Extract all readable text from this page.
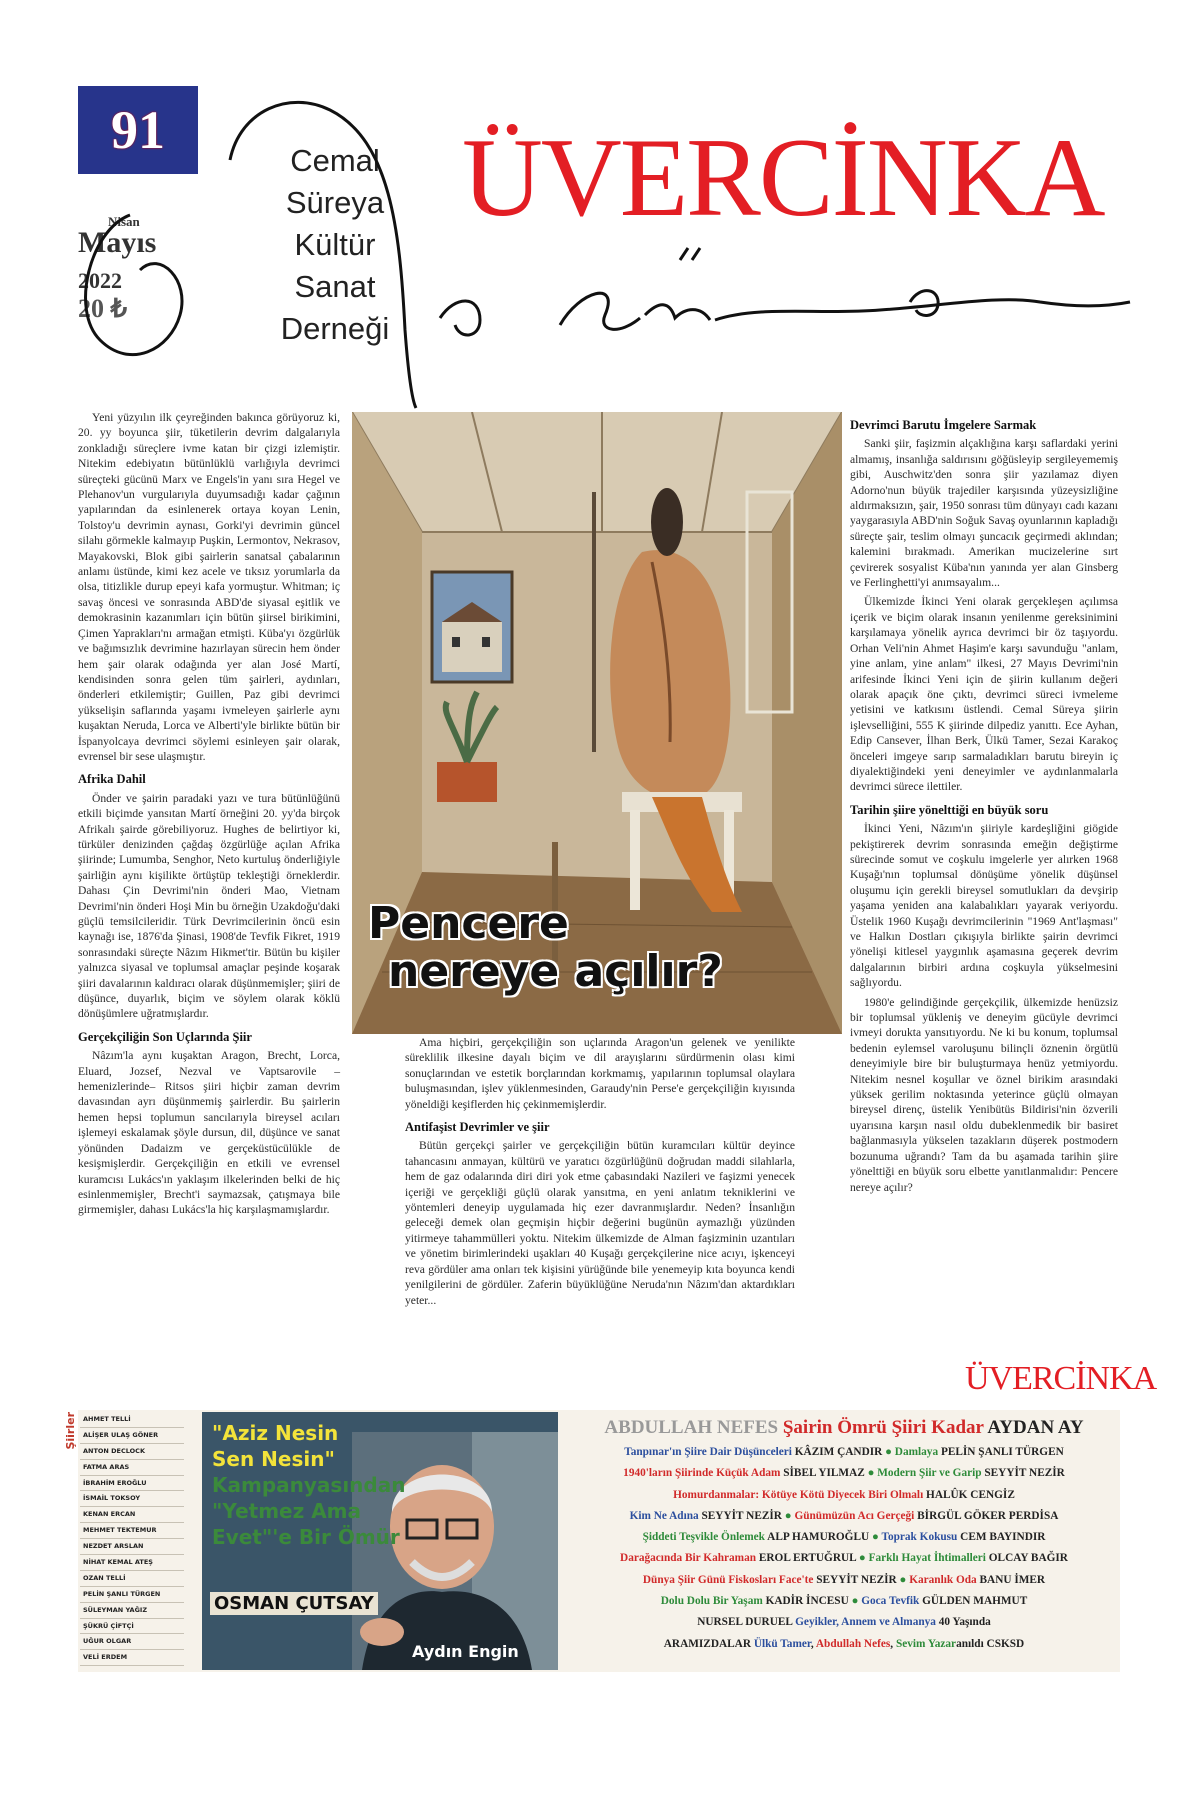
91
Nisan
Mayıs
2022
20 ₺
Cemal
Süreya
Kültür
Sanat
Derneği
ÜVERCİNKA

Yeni yüzyılın ilk çeyreğinden bakınca görüyoruz ki, 20. yy boyunca şiir, tüketilerin devrim dalgalarıyla zonkladığı süreçlere ivme katan bir çizgi izlemiştir. Nitekim edebiyatın bütünlüklü varlığıyla devrimci süreçteki gücünü Marx ve Engels'in yanı sıra Hegel ve Plehanov'un vurgularıyla duyumsadığı kadar çağının yapılarından da esinlenerek ortaya koyan Lenin, Tolstoy'u devrimin aynası, Gorki'yi devrimin güncel silahı görmekle kalmayıp Puşkin, Lermontov, Nekrasov, Mayakovski, Blok gibi şairlerin sanatsal çabalarının anlamı üstünde, kimi kez acele ve tıksız yorumlarla da olsa, titizlikle durup epeyi kafa yormuştur. Whitman; iç savaş öncesi ve sonrasında ABD'de siyasal eşitlik ve demokrasinin kazanımları için bütün şiirsel birikimini, Çimen Yaprakları'nı armağan etmişti. Küba'yı özgürlük ve bağımsızlık devrimine hazırlayan sürecin hem önder hem şair olarak odağında yer alan José Martí, kendisinden sonra gelen tüm şairleri, aydınları, önderleri etkilemiştir; Guillen, Paz gibi devrimci yükselişin saflarında yaşamı ivmeleyen şairlerle aynı kuşaktan Neruda, Lorca ve Alberti'yle birlikte bütün bir İspanyolcaya devrimci söylemi esinleyen şair olarak, evrensel bir sese ulaşmıştır.

Afrika Dahil

Önder ve şairin paradaki yazı ve tura bütünlüğünü etkili biçimde yansıtan Martí örneğini 20. yy'da birçok Afrikalı şairde görebiliyoruz. Hughes de belirtiyor ki, türküler denizinden çağdaş özgürlüğe açılan Afrika şiirinde; Lumumba, Senghor, Neto kurtuluş önderliğiyle şairliğin aynı kişilikte örtüştüp tekleştiği örneklerdir. Dahası Çin Devrimi'nin önderi Mao, Vietnam Devrimi'nin önderi Hoşi Min bu örneğin Uzakdoğu'daki güçlü temsilcileridir. Türk Devrimcilerinin öncü esin kaynağı ise, 1876'da Şinasi, 1908'de Tevfik Fikret, 1919 sonrasındaki süreçte Nâzım Hikmet'tir. Bütün bu kişiler yalnızca siyasal ve toplumsal amaçlar peşinde koşarak şiiri davalarının kaldıracı olarak düşünmemişler; şiiri de düşünce, duyarlık, biçim ve söylem olarak köklü dönüşümlere uğratmışlardır.

Gerçekçiliğin Son Uçlarında Şiir

Nâzım'la aynı kuşaktan Aragon, Brecht, Lorca, Eluard, Jozsef, Nezval ve Vaptsarovile –hemenizlerinde– Ritsos şiiri hiçbir zaman devrim davasından ayrı düşünmemiş şairlerdir. Bu şairlerin hemen hepsi toplumun sancılarıyla bireysel acıları işlemeyi eskalamak şöyle dursun, dil, düşünce ve sanat yönünden Dadaizm ve gerçeküstücülükle de kesişmişlerdir. Gerçekçiliğin en etkili ve evrensel kuramcısı Lukács'ın yaklaşım ilkelerinden belki de hiç esinlenmemişler, Brecht'i saymazsak, çatışmaya bile girmemişler, dahası Lukács'la hiç karşılaşmamışlardır.

Pencere
nereye açılır?

Ama hiçbiri, gerçekçiliğin son uçlarında Aragon'un gelenek ve yenilikte süreklilik ilkesine dayalı biçim ve dil arayışlarını sürdürmenin olası kimi sonuçlarından ve estetik borçlarından korkmamış, yapılarının toplumsal olaylara buluşmasından, işlev yüklenmesinden, Garaudy'nin Perse'e gerçekçiliğin kıyısında yöneldiği keşiflerden hiç çekinmemişlerdir.

Antifaşist Devrimler ve şiir

Bütün gerçekçi şairler ve gerçekçiliğin bütün kuramcıları kültür deyince tahancasını anmayan, kültürü ve yaratıcı özgürlüğünü doğrudan maddi silahlarla, hem de gaz odalarında diri diri yok etme çabasındaki Nazileri ve faşizmi yenecek içeriği ve gerçekliği güçlü olarak yansıtma, en yeni anlatım tekniklerini ve yöntemleri deneyip uygulamada hiç ezer davranmışlardır. Neden? İnsanlığın geleceği demek olan geçmişin hiçbir değerini bugünün aymazlığı yüzünden yitirmeye tahammülleri yoktu. Nitekim ülkemizde de Alman faşizminin uzantıları ve yönetim birimlerindeki uşakları 40 Kuşağı gerçekçilerine nice acıyı, işkenceyi reva gördüler ama onları tek kişisini yürüğünde bile yenemeyip kıta boyunca kendi yenilgilerini de gördüler. Zaferin büyüklüğüne Neruda'nın Nâzım'dan aktardıkları yeter...

Devrimci Barutu İmgelere Sarmak

Sanki şiir, faşizmin alçaklığına karşı saflardaki yerini almamış, insanlığa saldırısını göğüsleyip sergileyememiş gibi, Auschwitz'den sonra şiir yazılamaz diyen Adorno'nun büyük trajediler karşısında yüzeysizliğine aldırmaksızın, şair, 1950 sonrası tüm dünyayı cadı kazanı yaygarasıyla ABD'nin Soğuk Savaş oyunlarının kapladığı süreçte şair, teslim olmayı şuncacık geçirmedi aklından; kalemini bırakmadı. Amerikan mucizelerine sırt çevirerek sosyalist Küba'nın yanında yer alan Ginsberg ve Ferlinghetti'yi anımsayalım...

Ülkemizde İkinci Yeni olarak gerçekleşen açılımsa içerik ve biçim olarak insanın yenilenme gereksinimini karşılamaya yönelik ayrıca devrimci bir öz taşıyordu. Orhan Veli'nin Ahmet Haşim'e karşı savunduğu "anlam, yine anlam, yine anlam" ilkesi, 27 Mayıs Devrimi'nin arifesinde İkinci Yeni için de şiirin kullanım değeri olarak apaçık öne çıktı, devrimci süreci ivmeleme yetisini ve katkısını üstlendi. Cemal Süreya şiirin işlevselliğini, 555 K şiirinde dilpediz yanıttı. Ece Ayhan, Edip Cansever, İlhan Berk, Ülkü Tamer, Sezai Karakoç önceleri imgeye sarıp sarmaladıkları barutu bireyin iç diyalektiğindeki yeni deneyimler ve aydınlanmalarla devrimci sürece ilettiler.

Tarihin şiire yönelttiği en büyük soru

İkinci Yeni, Nâzım'ın şiiriyle kardeşliğini giögide pekiştirerek devrim sonrasında emeğin değiştirme sürecinde somut ve coşkulu imgelerle yer alırken 1968 Kuşağı'nın toplumsal dönüşüme yönelik düşünsel oluşumu için gerekli bireysel somutlukları da devşirip yaşama yeniden ana kalabalıkları yayarak veriyordu. Üstelik 1960 Kuşağı devrimcilerinin "1969 Ant'laşması" ve Halkın Dostları çıkışıyla birlikte şairin devrimci yönelişi kitlesel yaygınlık aşamasına geçerek devrim dalgalarının birbiri ardına coşkuyla yükselmesini sağlıyordu.

1980'e gelindiğinde gerçekçilik, ülkemizde henüzsiz bir toplumsal yükleniş ve deneyim gücüyle devrimci ivmeyi dorukta yansıtıyordu. Ne ki bu konum, toplumsal bedenin eylemsel varoluşunu bilinçli öznenin örgütlü deneyimiyle bire bir buluşturmaya henüz yetmiyordu. Nitekim nesnel koşullar ve öznel birikim arasındaki yüksek gerilim noktasında yeterince güçlü olmayan bireysel direnç, üstelik Yenibütüs Bildirisi'nin özverili uyarısına karşın nasıl oldu dubeklenmedik bir basiret bağlanmasıyla yükselen tazakların düşerek postmodern bozunuma uğrandı? Tam da bu aşamada tarihin şiire yönelttiği en büyük soru elbette yanıtlanmalıdır: Pencere nereye açılır?

ÜVERCİNKA
Şiirler AHMET TELLİ
ALİŞER ULAŞ GÖNER
ANTON DECLOCK
FATMA ARAS
İBRAHİM EROĞLU
İSMAİL TOKSOY
KENAN ERCAN
MEHMET TEKTEMUR
NEZDET ARSLAN
NİHAT KEMAL ATEŞ
OZAN TELLİ
PELİN ŞANLI TÜRGEN
SÜLEYMAN YAĞIZ
ŞÜKRÜ ÇİFTÇİ
UĞUR OLGAR
VELİ ERDEM
"Aziz Nesin
Sen Nesin"
Kampanyasından
"Yetmez Ama
Evet"'e Bir Ömür
OSMAN ÇUTSAY
Aydın Engin
ABDULLAH NEFES Şairin Ömrü Şiiri Kadar AYDAN AY
Tanpınar'ın Şiire Dair Düşünceleri KÂZIM ÇANDIR ● Damlaya PELİN ŞANLI TÜRGEN
1940'ların Şiirinde Küçük Adam SİBEL YILMAZ ● Modern Şiir ve Garip SEYYİT NEZİR
Homurdanmalar: Kötüye Kötü Diyecek Biri Olmalı HALÛK CENGİZ
Kim Ne Adına SEYYİT NEZİR ● Günümüzün Acı Gerçeği BİRGÜL GÖKER PERDİSA
Şiddeti Teşvikle Önlemek ALP HAMUROĞLU ● Toprak Kokusu CEM BAYINDIR
Darağacında Bir Kahraman EROL ERTUĞRUL ● Farklı Hayat İhtimalleri OLCAY BAĞIR
Dünya Şiir Günü Fiskosları Face'te SEYYİT NEZİR ● Karanlık Oda BANU İMER
Dolu Dolu Bir Yaşam KADİR İNCESU ● Goca Tevfik GÜLDEN MAHMUT
NURSEL DURUEL Geyikler, Annem ve Almanya 40 Yaşında
ARAMIZDALAR Ülkü Tamer, Abdullah Nefes, Sevim Yazaranıldı CSKSD
